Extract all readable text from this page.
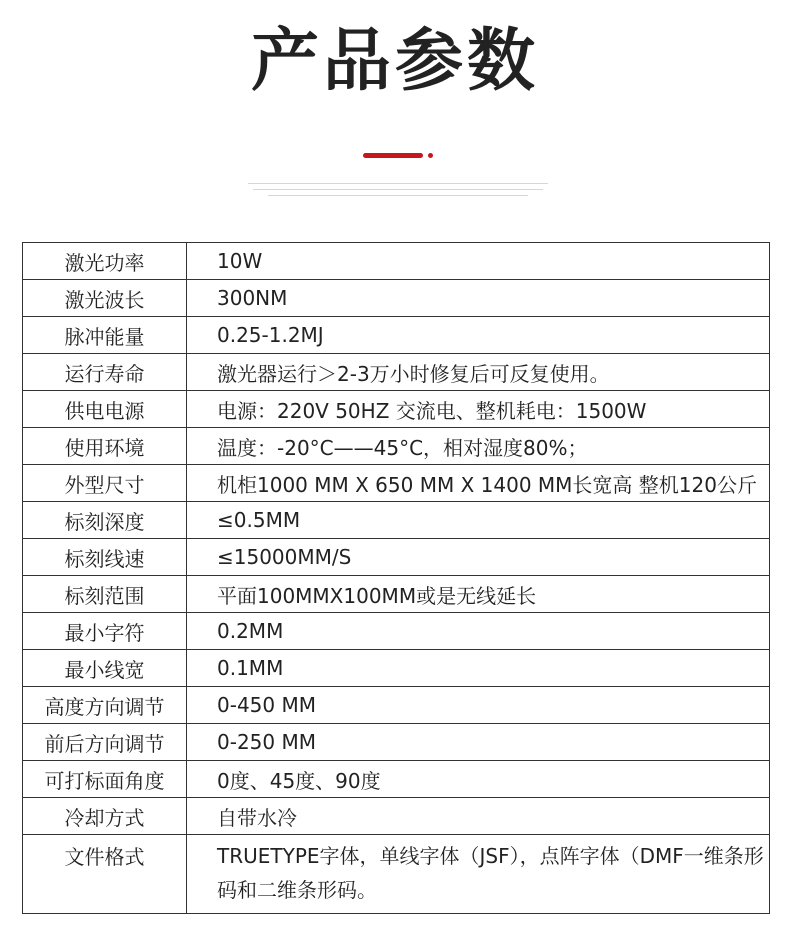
产品参数
激光功率	10W
激光波长	300NM
脉冲能量	0.25-1.2MJ
运行寿命	激光器运行＞2-3万小时修复后可反复使用。
供电电源	电源：220V 50HZ 交流电、整机耗电：1500W
使用环境	温度：-20°C——45°C，相对湿度80%；
外型尺寸	机柜1000 MM X 650 MM X 1400 MM长宽高 整机120公斤
标刻深度	≤0.5MM
标刻线速	≤15000MM/S
标刻范围	平面100MMX100MM或是无线延长
最小字符	0.2MM
最小线宽	0.1MM
高度方向调节	0-450 MM
前后方向调节	0-250 MM
可打标面角度	0度、45度、90度
冷却方式	自带水冷
文件格式	TRUETYPE字体，单线字体（JSF），点阵字体（DMF一维条形码和二维条形码。
